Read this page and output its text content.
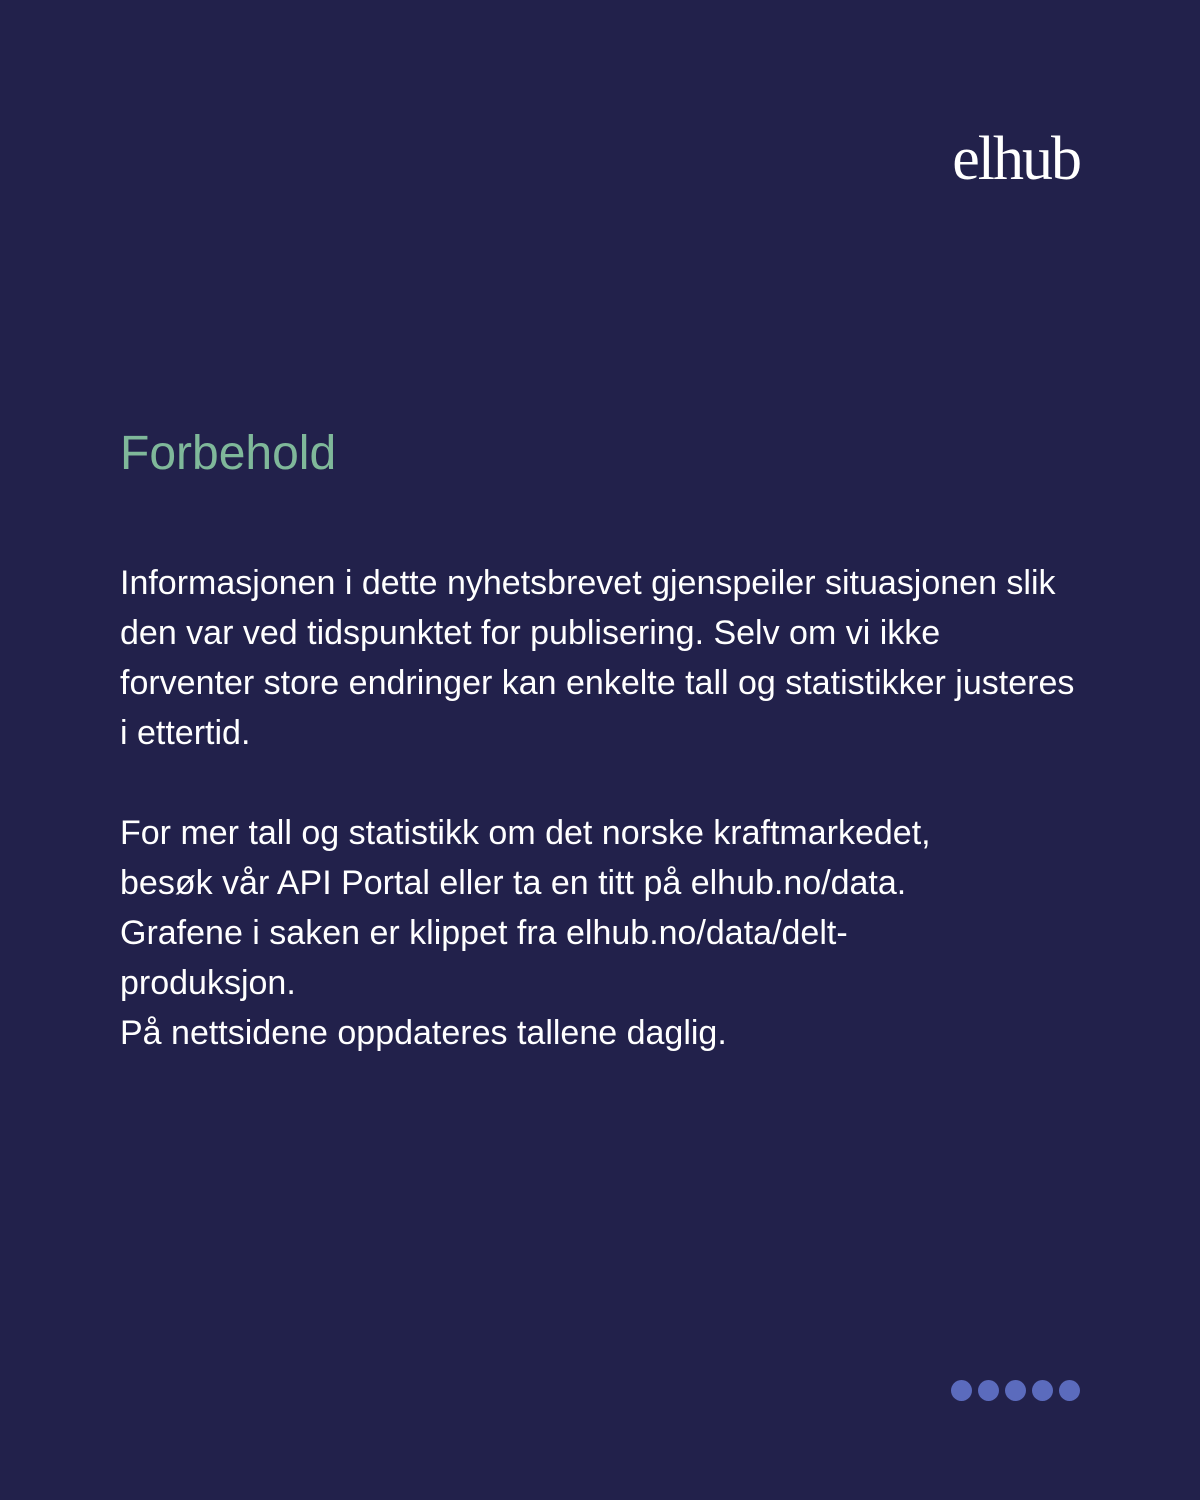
elhub
Forbehold

Informasjonen i dette nyhetsbrevet gjenspeiler situasjonen slik den var ved tidspunktet for publisering. Selv om vi ikke forventer store endringer kan enkelte tall og statistikker justeres i ettertid.

For mer tall og statistikk om det norske kraftmarkedet,

besøk vår API Portal eller ta en titt på elhub.no/data.

Grafene i saken er klippet fra elhub.no/data/delt-

produksjon.

På nettsidene oppdateres tallene daglig.
